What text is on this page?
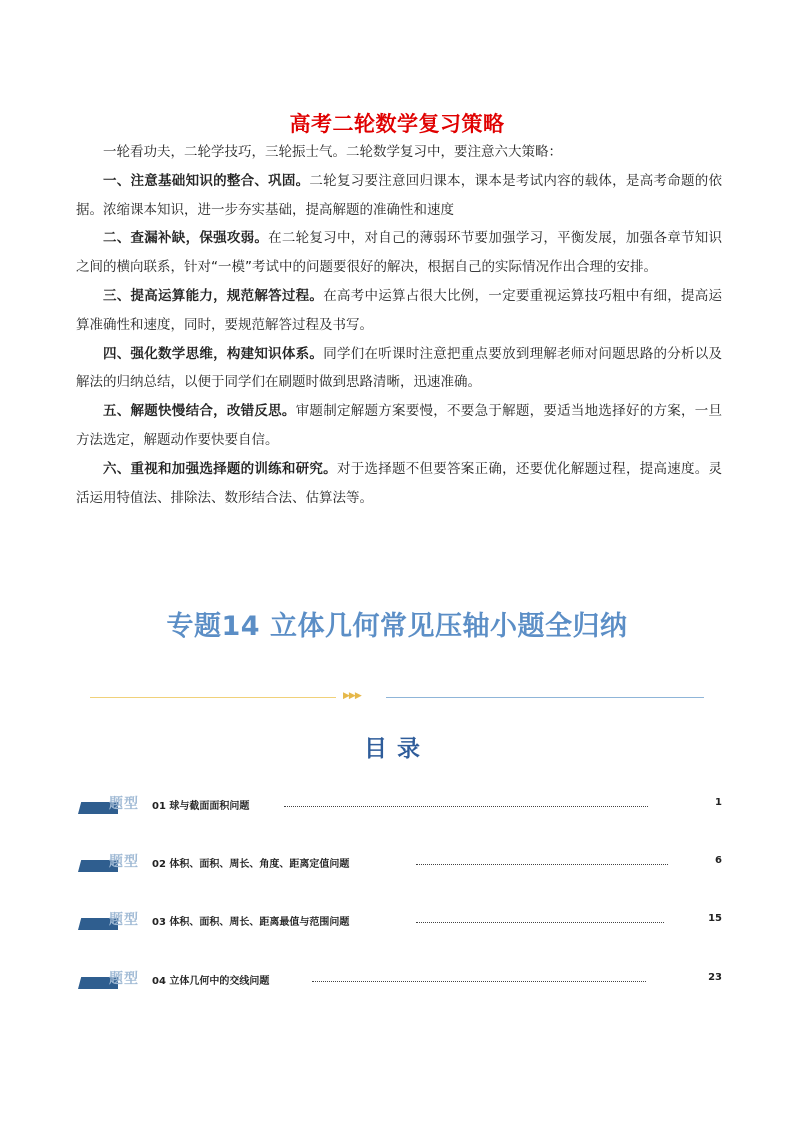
高考二轮数学复习策略

一轮看功夫，二轮学技巧，三轮振士气。二轮数学复习中，要注意六大策略：

一、注意基础知识的整合、巩固。二轮复习要注意回归课本，课本是考试内容的载体，是高考命题的依据。浓缩课本知识，进一步夯实基础，提高解题的准确性和速度

二、查漏补缺，保强攻弱。在二轮复习中，对自己的薄弱环节要加强学习，平衡发展，加强各章节知识之间的横向联系，针对“一模”考试中的问题要很好的解决，根据自己的实际情况作出合理的安排。

三、提高运算能力，规范解答过程。在高考中运算占很大比例，一定要重视运算技巧粗中有细，提高运算准确性和速度，同时，要规范解答过程及书写。

四、强化数学思维，构建知识体系。同学们在听课时注意把重点要放到理解老师对问题思路的分析以及解法的归纳总结，以便于同学们在刷题时做到思路清晰，迅速准确。

五、解题快慢结合，改错反思。审题制定解题方案要慢，不要急于解题，要适当地选择好的方案，一旦方法选定，解题动作要快要自信。

六、重视和加强选择题的训练和研究。对于选择题不但要答案正确，还要优化解题过程，提高速度。灵活运用特值法、排除法、数形结合法、估算法等。

专题14 立体几何常见压轴小题全归纳
▶▶▶
目录
题型 01 球与截面面积问题	1
题型 02 体积、面积、周长、角度、距离定值问题	6
题型 03 体积、面积、周长、距离最值与范围问题	15
题型 04 立体几何中的交线问题	23
